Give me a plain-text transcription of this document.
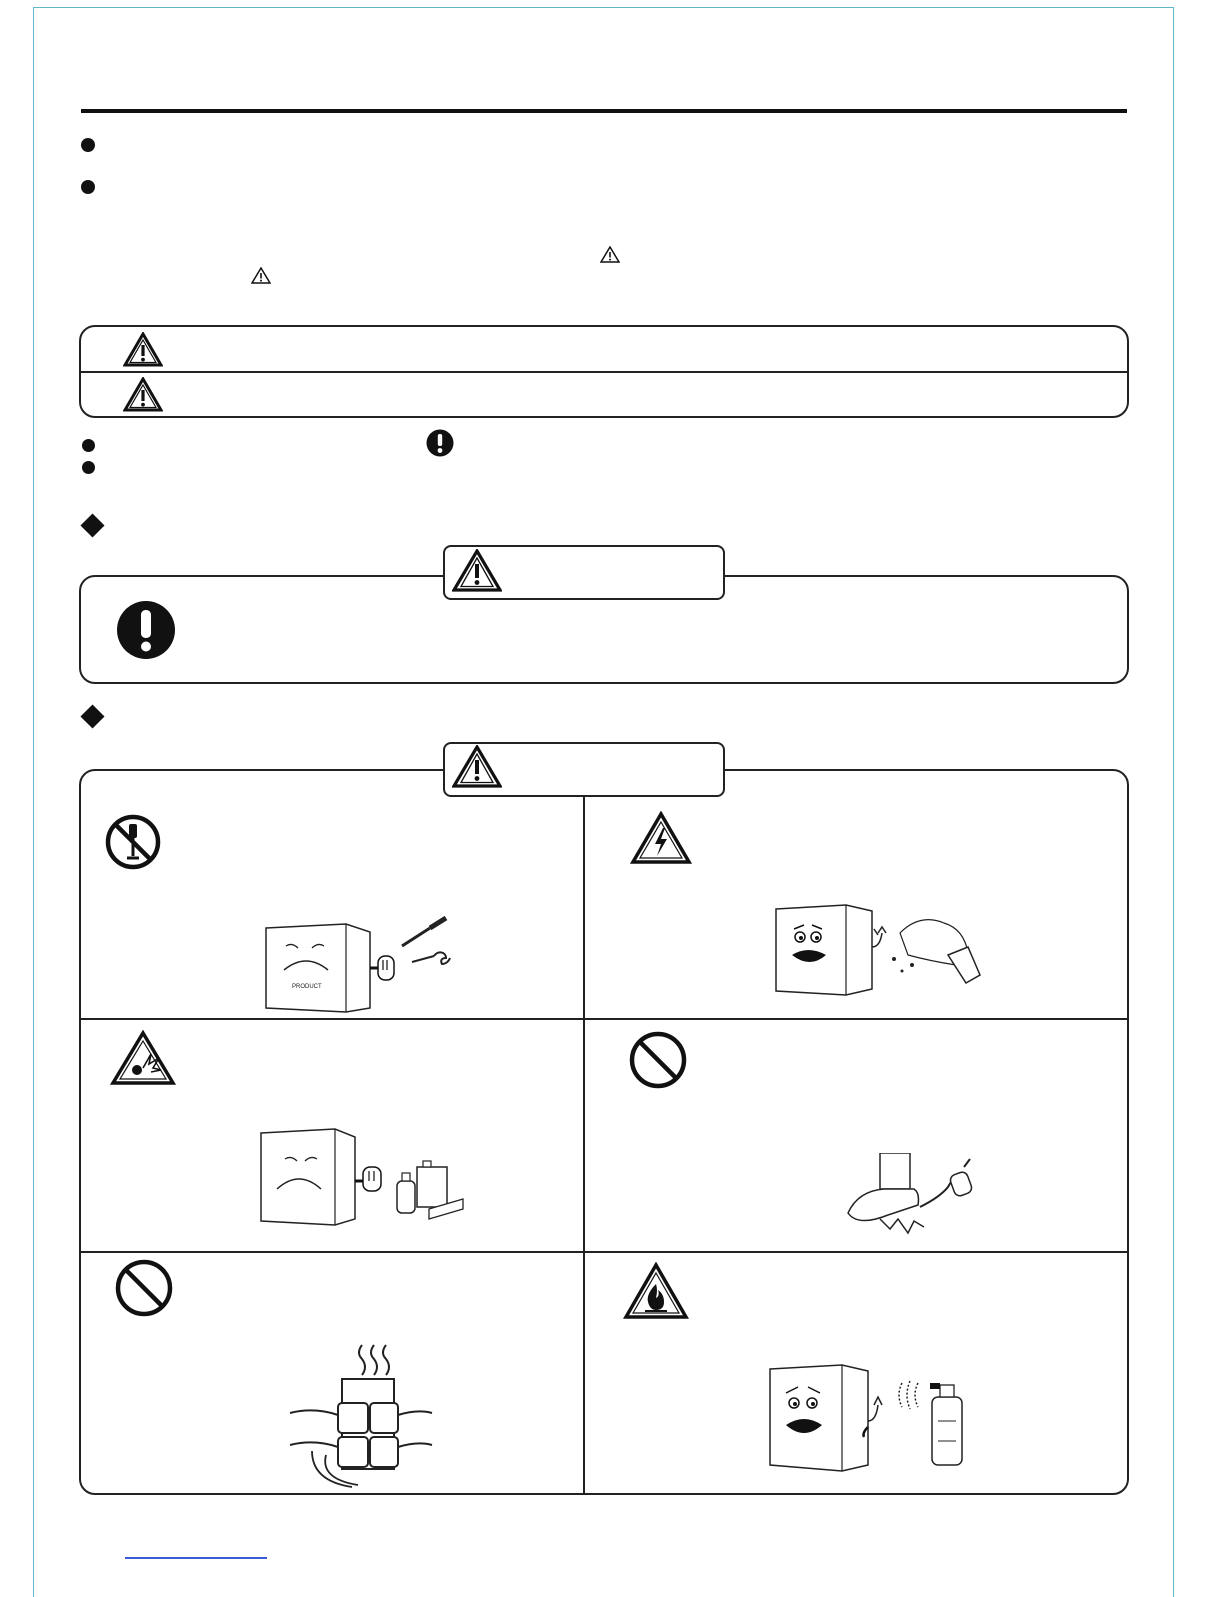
PRODUCT
